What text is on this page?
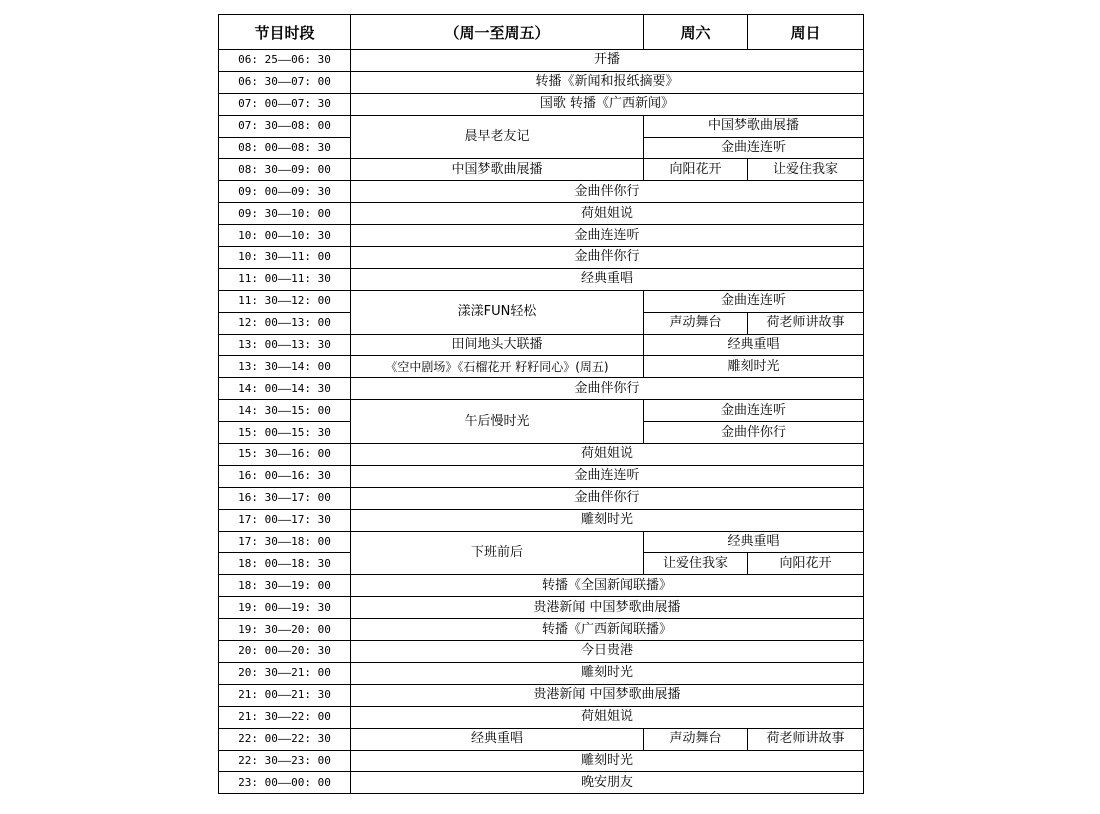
节目时段	（周一至周五）	周六	周日
06: 25——06: 30	开播		
06: 30——07: 00	转播《新闻和报纸摘要》		
07: 00——07: 30	国歌 转播《广西新闻》		
07: 30——08: 00	晨早老友记	中国梦歌曲展播	
08: 00——08: 30		金曲连连听	
08: 30——09: 00	中国梦歌曲展播	向阳花开	让爱住我家
09: 00——09: 30	金曲伴你行		
09: 30——10: 00	荷姐姐说		
10: 00——10: 30	金曲连连听		
10: 30——11: 00	金曲伴你行		
11: 00——11: 30	经典重唱		
11: 30——12: 00	漾漾FUN轻松	金曲连连听	
12: 00——13: 00		声动舞台	荷老师讲故事
13: 00——13: 30	田间地头大联播	经典重唱	
13: 30——14: 00	《空中剧场》《石榴花开 籽籽同心》(周五)	雕刻时光	
14: 00——14: 30	金曲伴你行		
14: 30——15: 00	午后慢时光	金曲连连听	
15: 00——15: 30		金曲伴你行	
15: 30——16: 00	荷姐姐说		
16: 00——16: 30	金曲连连听		
16: 30——17: 00	金曲伴你行		
17: 00——17: 30	雕刻时光		
17: 30——18: 00	下班前后	经典重唱	
18: 00——18: 30		让爱住我家	向阳花开
18: 30——19: 00	转播《全国新闻联播》		
19: 00——19: 30	贵港新闻 中国梦歌曲展播		
19: 30——20: 00	转播《广西新闻联播》		
20: 00——20: 30	今日贵港		
20: 30——21: 00	雕刻时光		
21: 00——21: 30	贵港新闻 中国梦歌曲展播		
21: 30——22: 00	荷姐姐说		
22: 00——22: 30	经典重唱	声动舞台	荷老师讲故事
22: 30——23: 00	雕刻时光		
23: 00——00: 00	晚安朋友		
